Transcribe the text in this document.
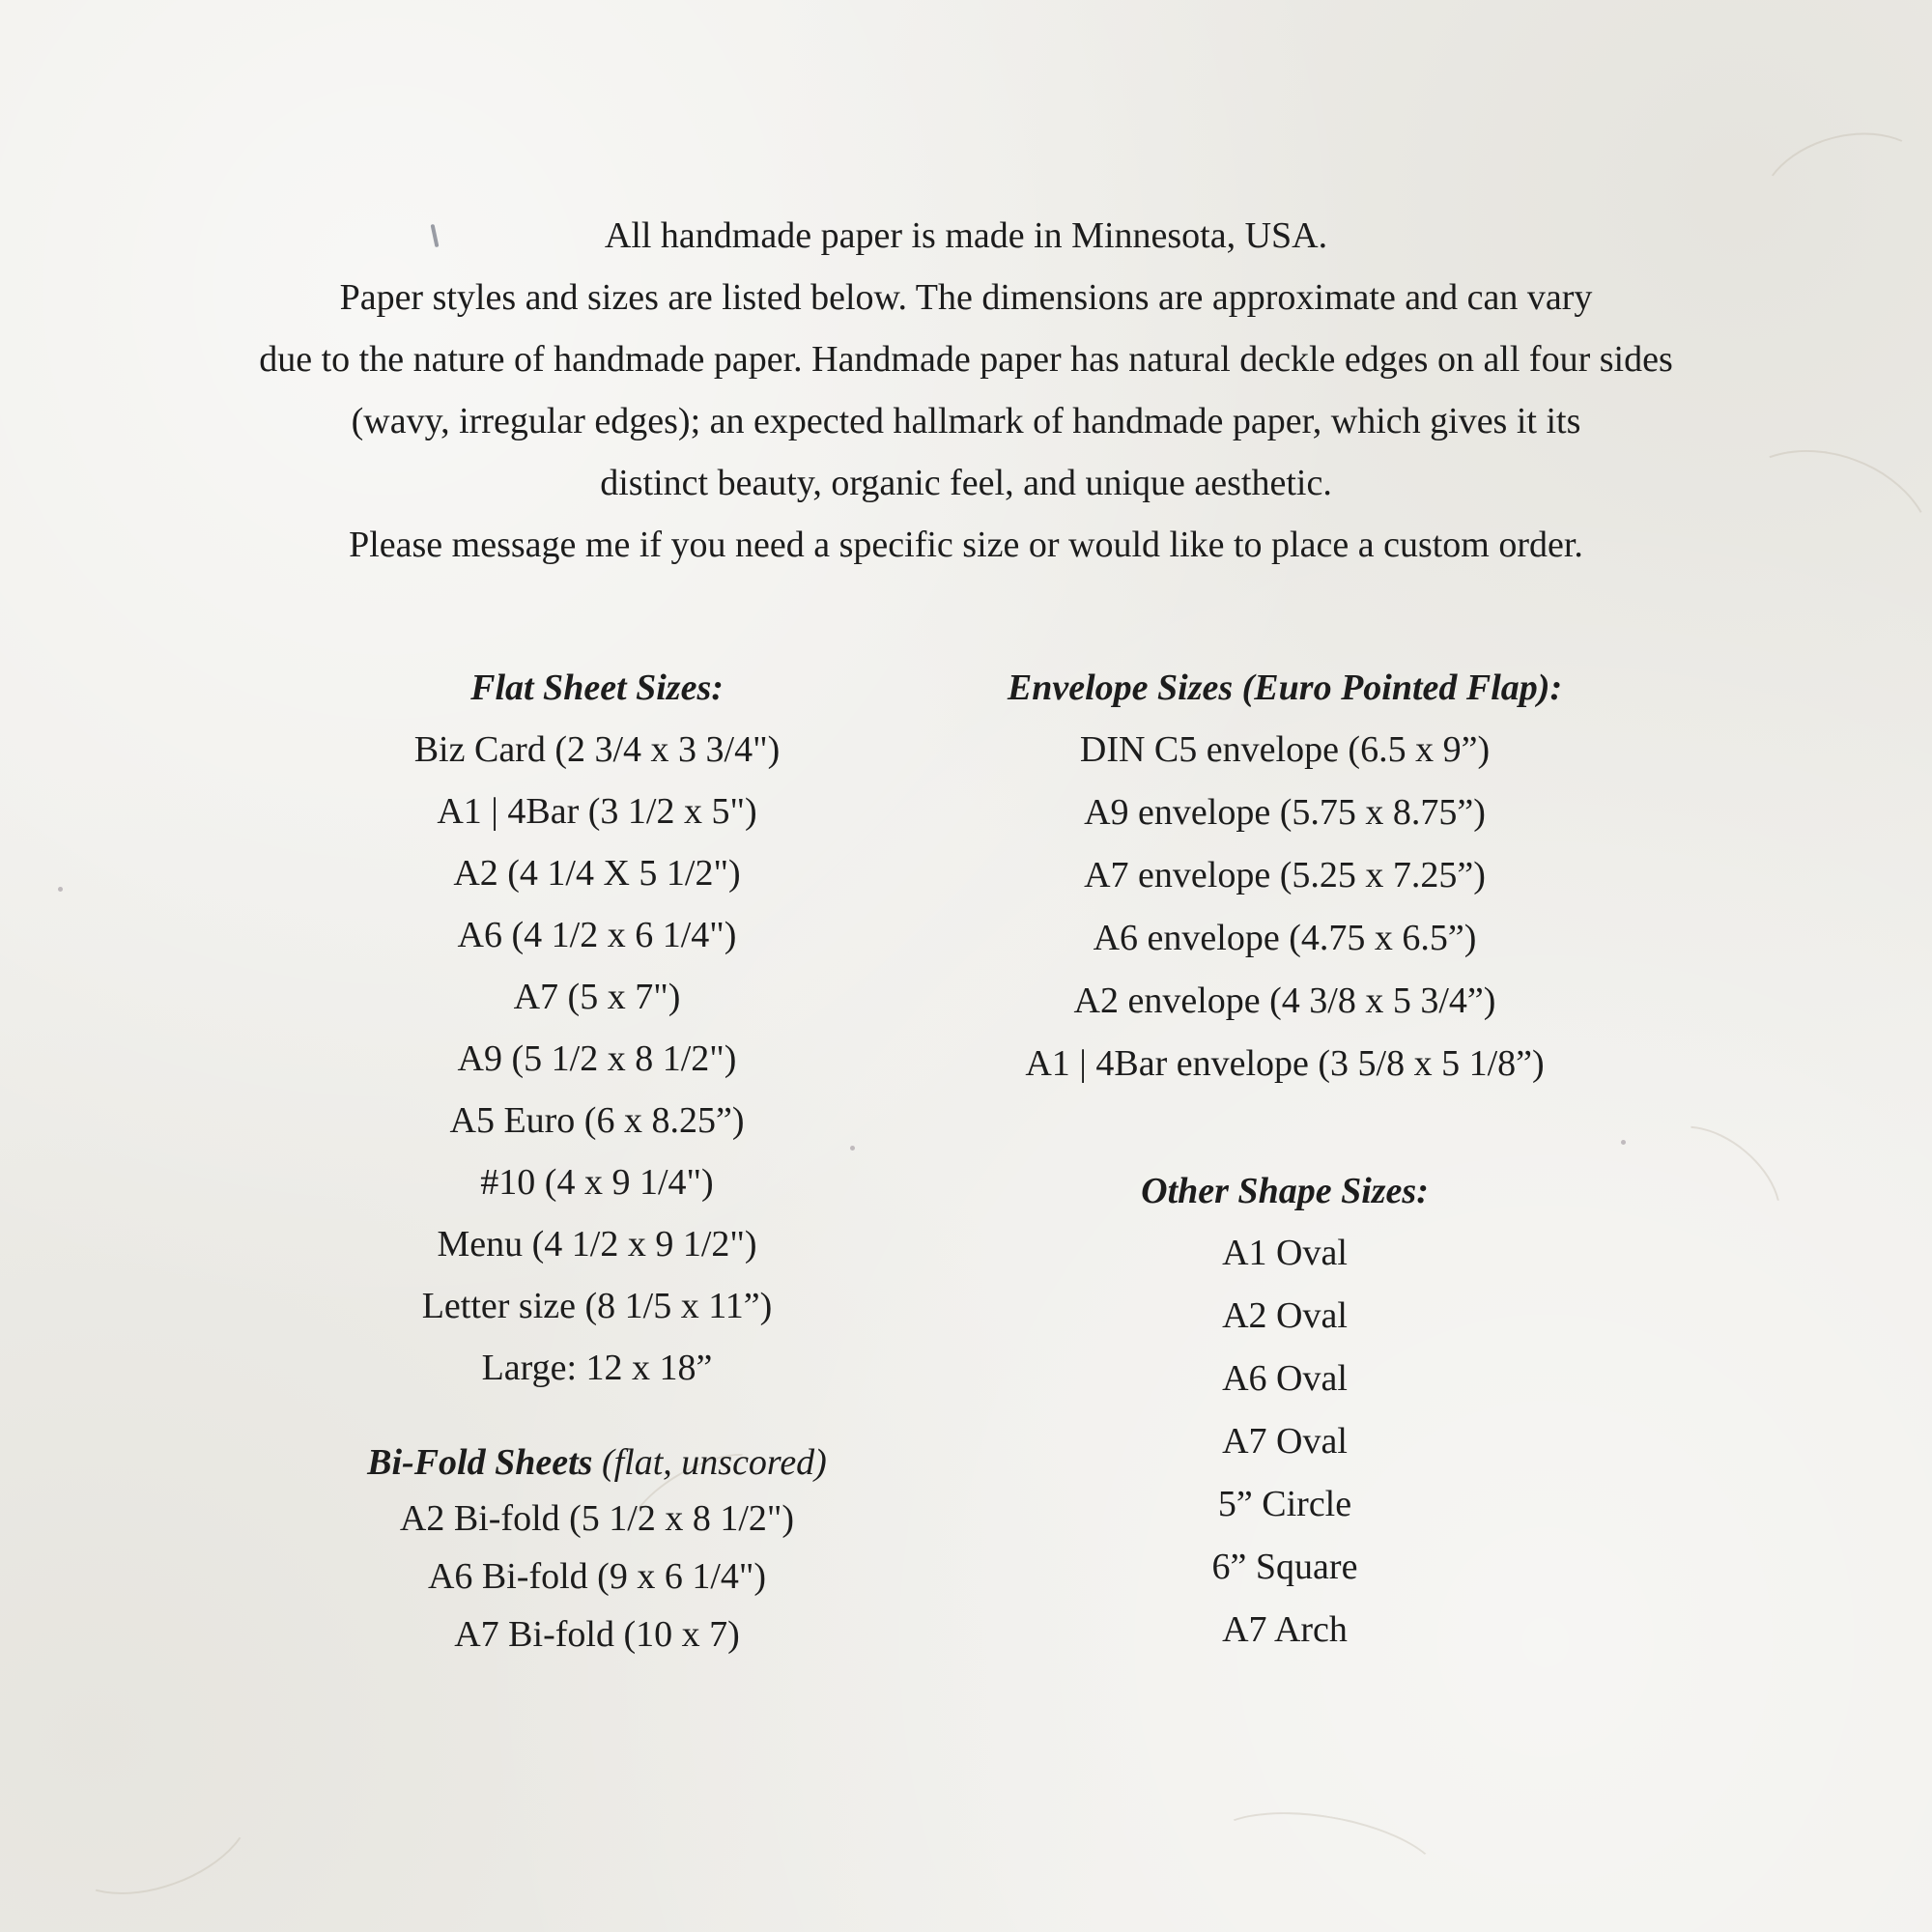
All handmade paper is made in Minnesota, USA.

Paper styles and sizes are listed below. The dimensions are approximate and can vary

due to the nature of handmade paper. Handmade paper has natural deckle edges on all four sides

(wavy, irregular edges); an expected hallmark of handmade paper, which gives it its

distinct beauty, organic feel, and unique aesthetic.

Please message me if you need a specific size or would like to place a custom order.

Flat Sheet Sizes:

Biz Card (2 3/4 x 3 3/4")

A1 | 4Bar (3 1/2 x 5")

A2 (4 1/4 X 5 1/2")

A6 (4 1/2 x 6 1/4")

A7 (5 x 7")

A9 (5 1/2 x 8 1/2")

A5 Euro (6 x 8.25”)

#10 (4 x 9 1/4")

Menu (4 1/2 x 9 1/2")

Letter size (8 1/5 x 11”)

Large: 12 x 18”

Bi-Fold Sheets (flat, unscored)

A2 Bi-fold (5 1/2 x 8 1/2")

A6 Bi-fold (9 x 6 1/4")

A7 Bi-fold (10 x 7)

Envelope Sizes (Euro Pointed Flap):

DIN C5 envelope (6.5 x 9”)

A9 envelope (5.75 x 8.75”)

A7 envelope (5.25 x 7.25”)

A6 envelope (4.75 x 6.5”)

A2 envelope (4 3/8 x 5 3/4”)

A1 | 4Bar envelope (3 5/8 x 5 1/8”)

Other Shape Sizes:

A1 Oval

A2 Oval

A6 Oval

A7 Oval

5” Circle

6” Square

A7 Arch
